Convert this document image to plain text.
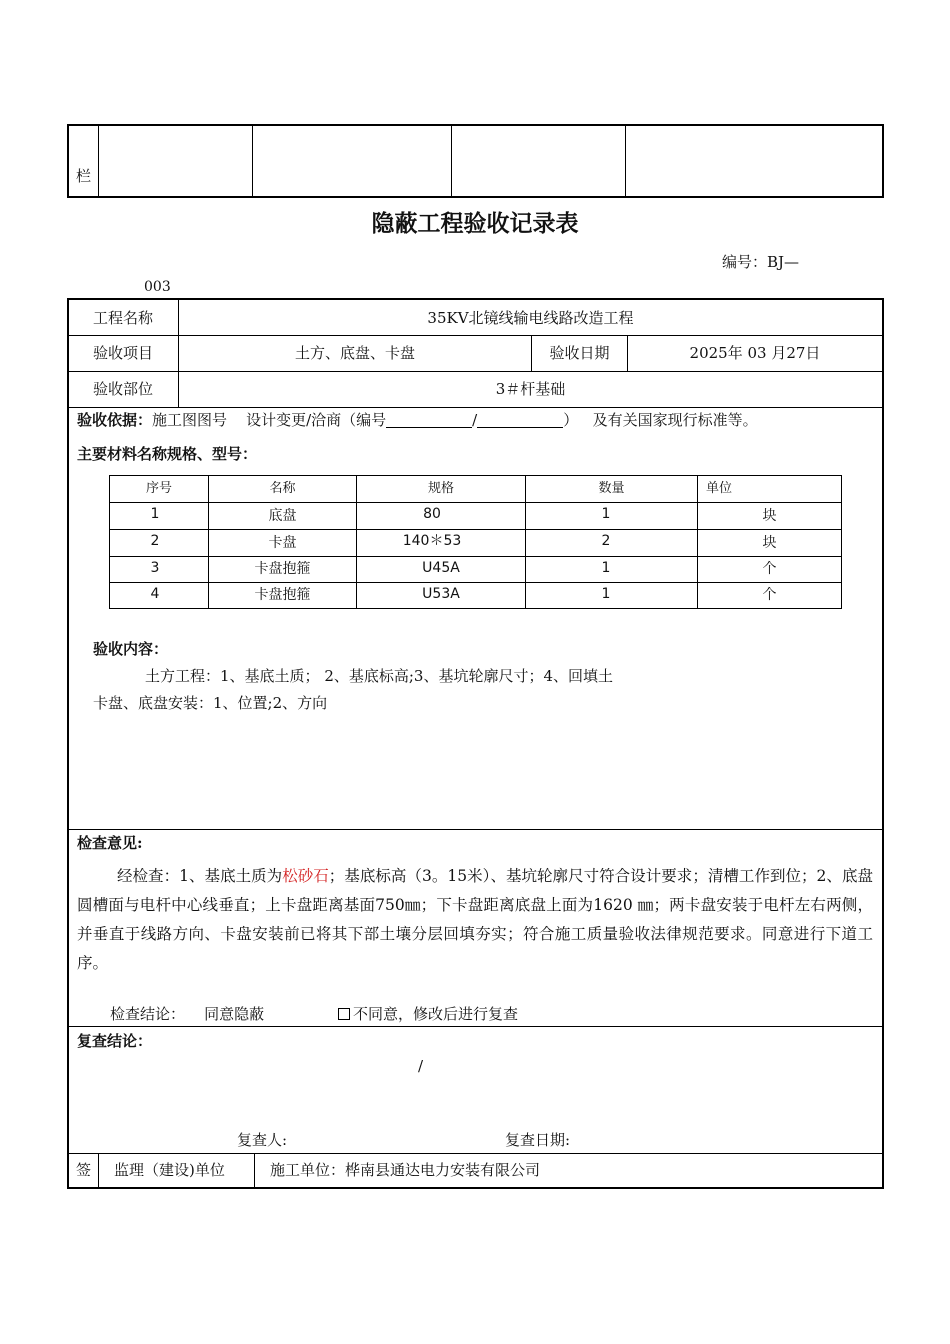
栏
隐蔽工程验收记录表
编号：BJ—
003
工程名称	35KV北镜线输电线路改造工程
验收项目	土方、底盘、卡盘	验收日期	2025年 03 月27日
验收部位	3＃杆基础
验收依据：施工图图号 设计变更/洽商（编号	/	） 及有关国家现行标准等。
主要材料名称规格、型号：
序号	名称	规格	数量	单位
1	底盘	80	1	块
2	卡盘	140＊53	2	块
3	卡盘抱箍	U45A	1	个
4	卡盘抱箍	U53A	1	个
验收内容：
土方工程：1、基底土质； 2、基底标高;3、基坑轮廓尺寸；4、回填土
卡盘、底盘安装：1、位置;2、方向
检查意见:
经检查：1、基底土质为松砂石；基底标高（3。15米）、基坑轮廓尺寸符合设计要求；清槽工作到位；2、底盘圆槽面与电杆中心线垂直；上卡盘距离基面750㎜；下卡盘距离底盘上面为1620 ㎜；两卡盘安装于电杆左右两侧，并垂直于线路方向、卡盘安装前已将其下部土壤分层回填夯实；符合施工质量验收法律规范要求。同意进行下道工序。
检查结论： 同意隐蔽	不同意，修改后进行复查
复查结论：
/
复查人:	复查日期:
签 监理（建设)单位	施工单位：桦南县通达电力安装有限公司
